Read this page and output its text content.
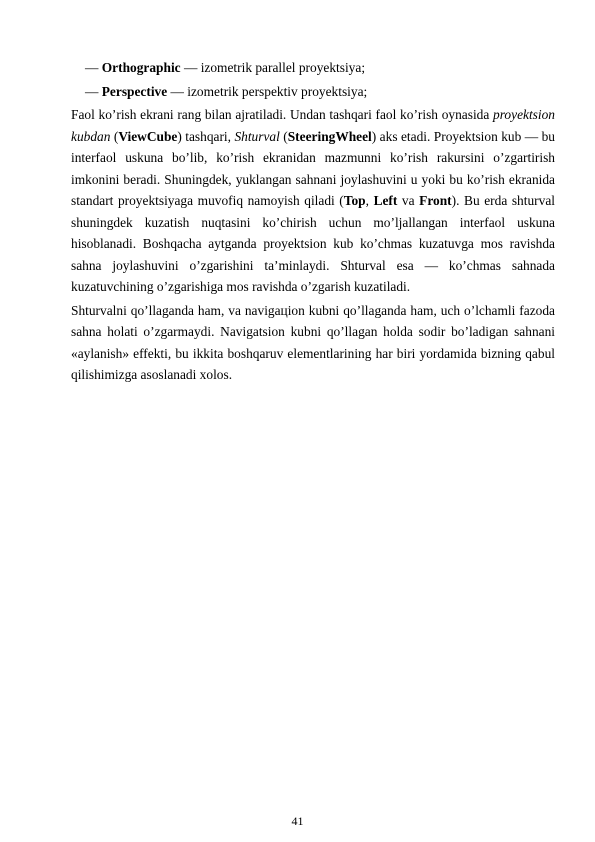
— Orthographic — izometrik parallel proyektsiya;
— Perspective — izometrik perspektiv proyektsiya;

Faol ko’rish ekrani rang bilan ajratiladi. Undan tashqari faol ko’rish oynasida proyektsion kubdan (ViewCube) tashqari, Shturval (SteeringWheel) aks etadi. Proyektsion kub — bu interfaol uskuna bo’lib, ko’rish ekranidan mazmunni ko’rish rakursini o’zgartirish imkonini beradi. Shuningdek, yuklangan sahnani joylashuvini u yoki bu ko’rish ekranida standart proyektsiyaga muvofiq namoyish qiladi (Top, Left va Front). Bu erda shturval shuningdek kuzatish nuqtasini ko’chirish uchun mo’ljallangan interfaol uskuna hisoblanadi. Boshqacha aytganda proyektsion kub ko’chmas kuzatuvga mos ravishda sahna joylashuvini o’zgarishini ta’minlaydi. Shturval esa — ko’chmas sahnada kuzatuvchining o’zgarishiga mos ravishda o’zgarish kuzatiladi.

Shturvalni qo’llaganda ham, va navigaцion kubni qo’llaganda ham, uch o’lchamli fazoda sahna holati o’zgarmaydi. Navigatsion kubni qo’llagan holda sodir bo’ladigan sahnani «aylanish» effekti, bu ikkita boshqaruv elementlarining har biri yordamida bizning qabul qilishimizga asoslanadi xolos.

41
